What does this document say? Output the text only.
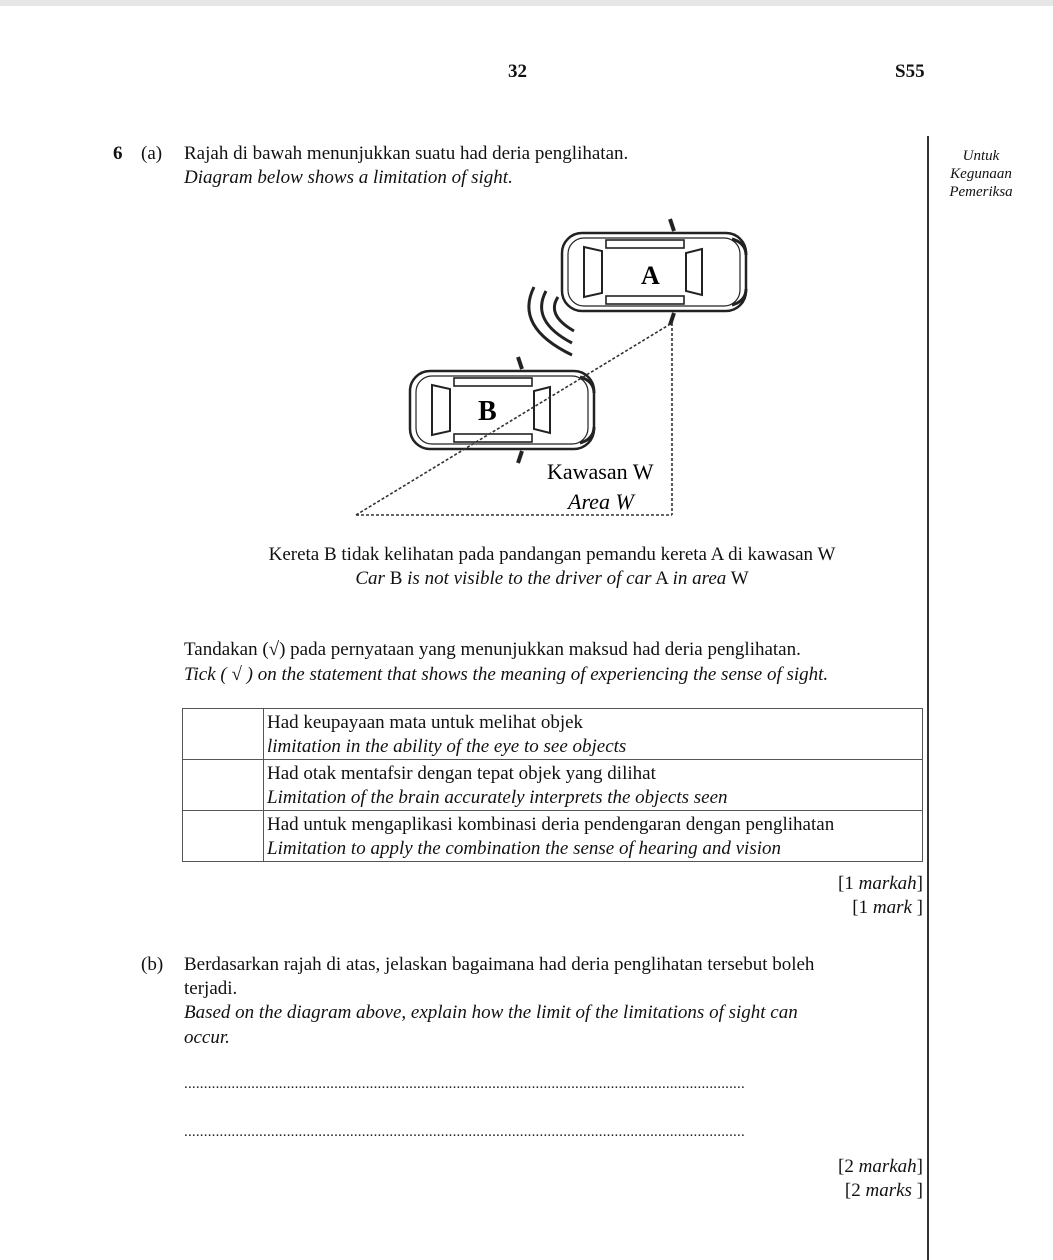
32	S55
Untuk
Kegunaan
Pemeriksa
6 (a) Rajah di bawah menunjukkan suatu had deria penglihatan.
Diagram below shows a limitation of sight.
A
B
Kawasan W
Area W
Kereta B tidak kelihatan pada pandangan pemandu kereta A di kawasan W
Car B is not visible to the driver of car A in area W
Tandakan (√) pada pernyataan yang menunjukkan maksud had deria penglihatan.
Tick ( √ ) on the statement that shows the meaning of experiencing the sense of sight.

	Had keupayaan mata untuk melihat objek
limitation in the ability of the eye to see objects

	Had otak mentafsir dengan tepat objek yang dilihat
Limitation of the brain accurately interprets the objects seen

	Had untuk mengaplikasi kombinasi deria pendengaran dengan penglihatan
Limitation to apply the combination the sense of hearing and vision
[1 markah]
[1 mark ]
(b) Berdasarkan rajah di atas, jelaskan bagaimana had deria penglihatan tersebut boleh
terjadi.
Based on the diagram above, explain how the limit of the limitations of sight can
occur.
..............................................................................................................................................
..............................................................................................................................................
[2 markah]
[2 marks ]
